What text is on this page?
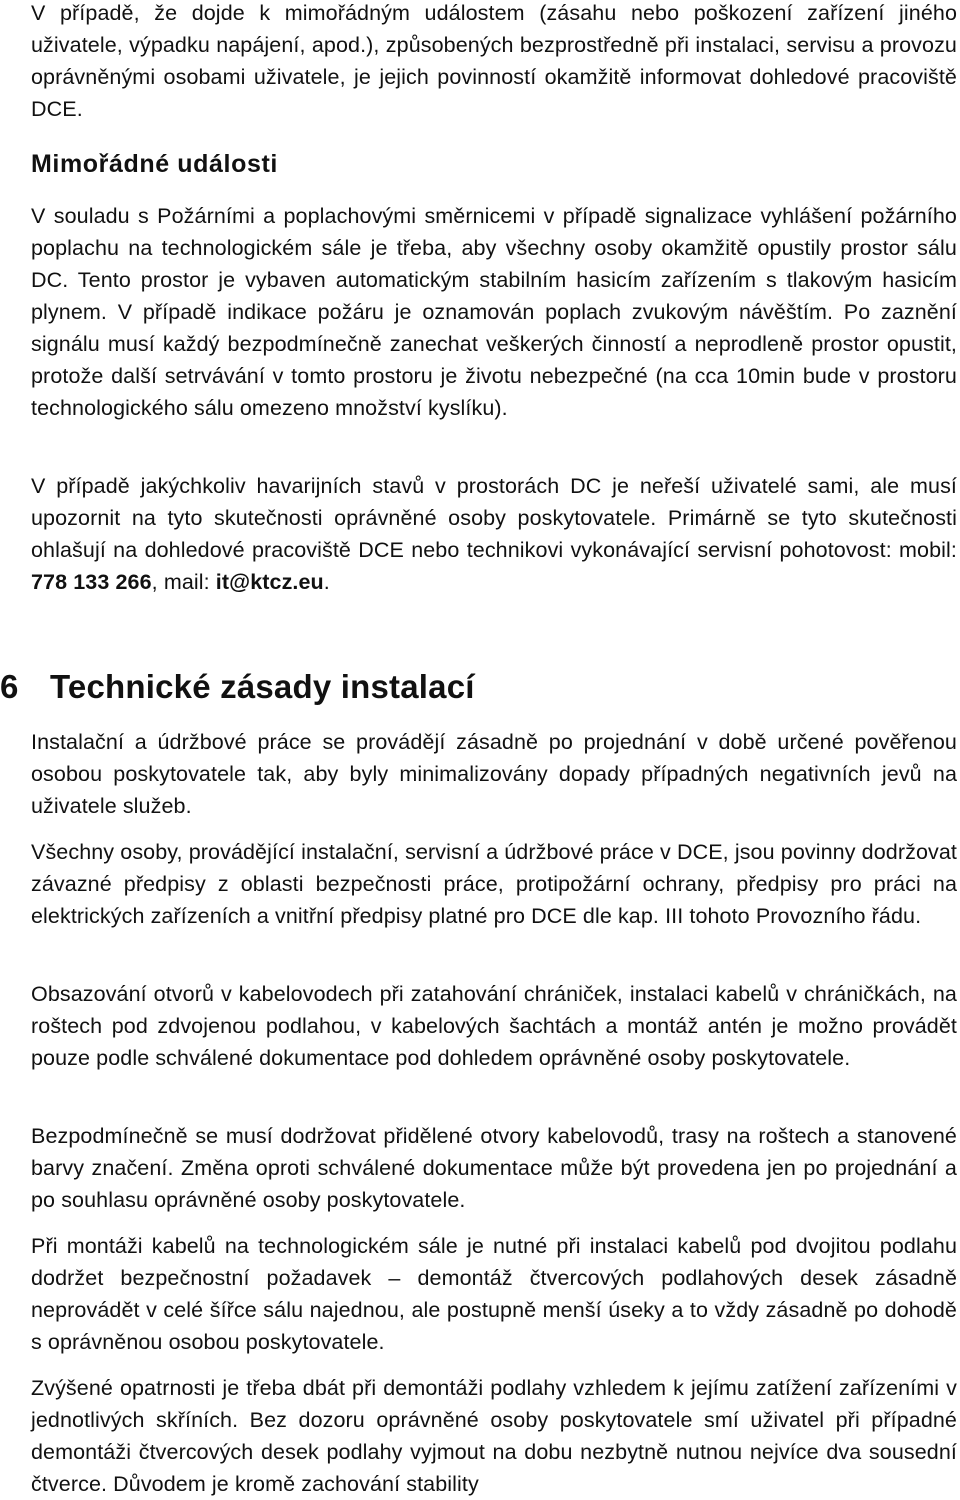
V případě, že dojde k mimořádným událostem (zásahu nebo poškození zařízení jiného uživatele, výpadku napájení, apod.), způsobených bezprostředně při instalaci, servisu a provozu oprávněnými osobami uživatele, je jejich povinností okamžitě informovat dohledové pracoviště DCE.

Mimořádné události

V souladu s Požárními a poplachovými směrnicemi v případě signalizace vyhlášení požárního poplachu na technologickém sále je třeba, aby všechny osoby okamžitě opustily prostor sálu DC. Tento prostor je vybaven automatickým stabilním hasicím zařízením s tlakovým hasicím plynem. V případě indikace požáru je oznamován poplach zvukovým návěštím. Po zaznění signálu musí každý bezpodmínečně zanechat veškerých činností a neprodleně prostor opustit, protože další setrvávání v tomto prostoru je životu nebezpečné (na cca 10min bude v prostoru technologického sálu omezeno množství kyslíku).

V případě jakýchkoliv havarijních stavů v prostorách DC je neřeší uživatelé sami, ale musí upozornit na tyto skutečnosti oprávněné osoby poskytovatele. Primárně se tyto skutečnosti ohlašují na dohledové pracoviště DCE nebo technikovi vykonávající servisní pohotovost: mobil: 778 133 266, mail: it@ktcz.eu.

6 Technické zásady instalací

Instalační a údržbové práce se provádějí zásadně po projednání v době určené pověřenou osobou poskytovatele tak, aby byly minimalizovány dopady případných negativních jevů na uživatele služeb.

Všechny osoby, provádějící instalační, servisní a údržbové práce v DCE, jsou povinny dodržovat závazné předpisy z oblasti bezpečnosti práce, protipožární ochrany, předpisy pro práci na elektrických zařízeních a vnitřní předpisy platné pro DCE dle kap. III tohoto Provozního řádu.

Obsazování otvorů v kabelovodech při zatahování chrániček, instalaci kabelů v chráničkách, na roštech pod zdvojenou podlahou, v kabelových šachtách a montáž antén je možno provádět pouze podle schválené dokumentace pod dohledem oprávněné osoby poskytovatele.

Bezpodmínečně se musí dodržovat přidělené otvory kabelovodů, trasy na roštech a stanovené barvy značení. Změna oproti schválené dokumentace může být provedena jen po projednání a po souhlasu oprávněné osoby poskytovatele.

Při montáži kabelů na technologickém sále je nutné při instalaci kabelů pod dvojitou podlahu dodržet bezpečnostní požadavek – demontáž čtvercových podlahových desek zásadně neprovádět v celé šířce sálu najednou, ale postupně menší úseky a to vždy zásadně po dohodě s oprávněnou osobou poskytovatele.

Zvýšené opatrnosti je třeba dbát při demontáži podlahy vzhledem k jejímu zatížení zařízeními v jednotlivých skříních. Bez dozoru oprávněné osoby poskytovatele smí uživatel při případné demontáži čtvercových desek podlahy vyjmout na dobu nezbytně nutnou nejvíce dva sousední čtverce. Důvodem je kromě zachování stability
